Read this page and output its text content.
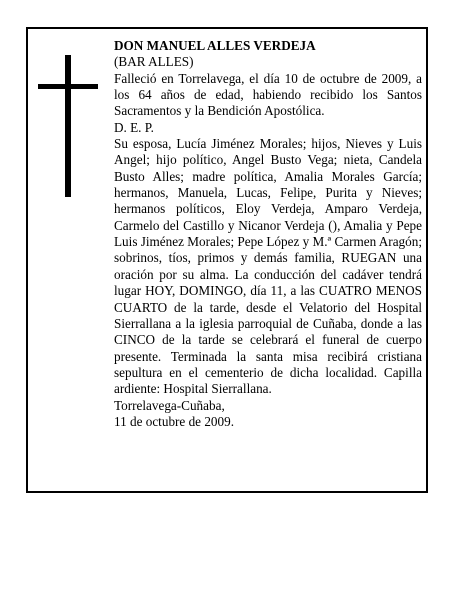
DON MANUEL ALLES VERDEJA

(BAR ALLES)

Falleció en Torrelavega, el día 10 de octubre de 2009, a los 64 años de edad, habiendo recibido los Santos Sacramentos y la Bendición Apostólica.

D. E. P.

Su esposa, Lucía Jiménez Morales; hijos, Nieves y Luis Angel; hijo político, Angel Busto Vega; nieta, Candela Busto Alles; madre política, Amalia Morales García; hermanos, Manuela, Lucas, Felipe, Purita y Nieves; hermanos políticos, Eloy Verdeja, Amparo Verdeja, Carmelo del Castillo y Nicanor Verdeja (), Amalia y Pepe Luis Jiménez Morales; Pepe López y M.ª Carmen Aragón; sobrinos, tíos, primos y demás familia, RUEGAN una oración por su alma. La conducción del cadáver tendrá lugar HOY, DOMINGO, día 11, a las CUATRO MENOS CUARTO de la tarde, desde el Velatorio del Hospital Sierrallana a la iglesia parroquial de Cuñaba, donde a las CINCO de la tarde se celebrará el funeral de cuerpo presente. Terminada la santa misa recibirá cristiana sepultura en el cementerio de dicha localidad. Capilla ardiente: Hospital Sierrallana.

Torrelavega-Cuñaba,

11 de octubre de 2009.
